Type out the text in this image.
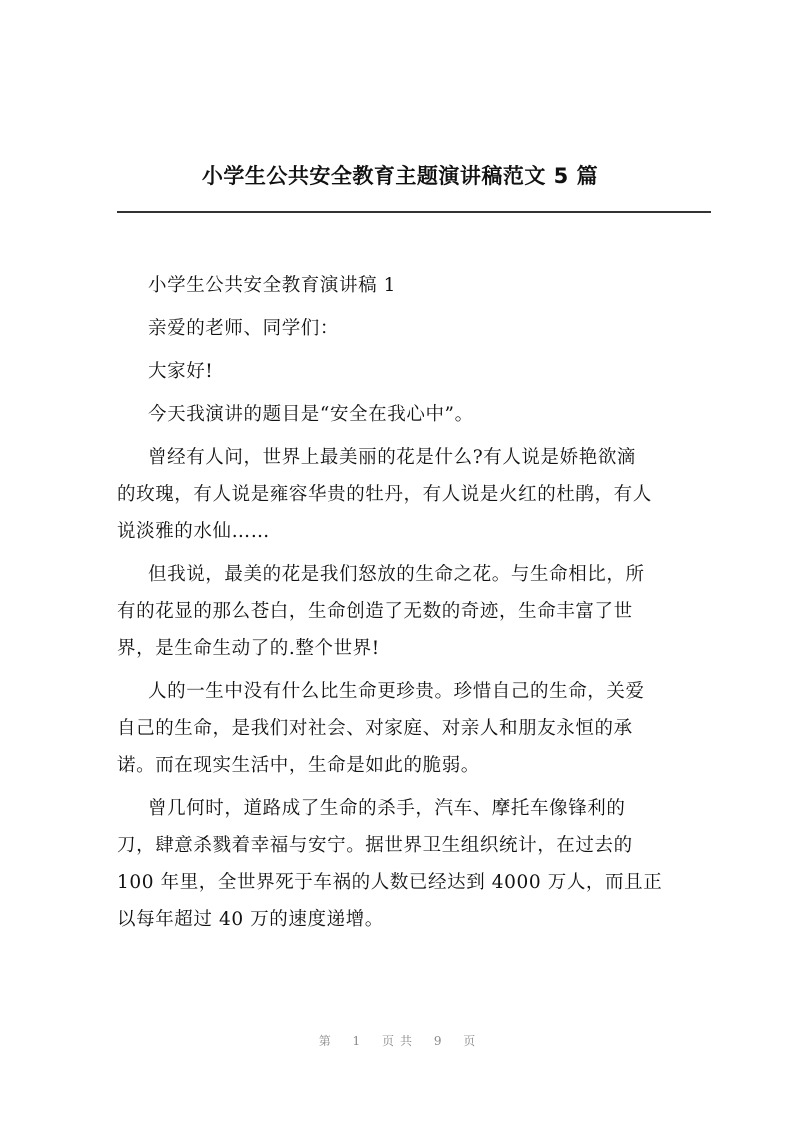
小学生公共安全教育主题演讲稿范文 5 篇
小学生公共安全教育演讲稿 1
亲爱的老师、同学们：
大家好!
今天我演讲的题目是“安全在我心中”。
曾经有人问，世界上最美丽的花是什么?有人说是娇艳欲滴
的玫瑰，有人说是雍容华贵的牡丹，有人说是火红的杜鹃，有人
说淡雅的水仙……
但我说，最美的花是我们怒放的生命之花。与生命相比，所
有的花显的那么苍白，生命创造了无数的奇迹，生命丰富了世
界，是生命生动了的.整个世界!
人的一生中没有什么比生命更珍贵。珍惜自己的生命，关爱
自己的生命，是我们对社会、对家庭、对亲人和朋友永恒的承
诺。而在现实生活中，生命是如此的脆弱。
曾几何时，道路成了生命的杀手，汽车、摩托车像锋利的
刀，肆意杀戮着幸福与安宁。据世界卫生组织统计，在过去的
100 年里，全世界死于车祸的人数已经达到 4000 万人，而且正
以每年超过 40 万的速度递增。
第 1 页共 9 页
